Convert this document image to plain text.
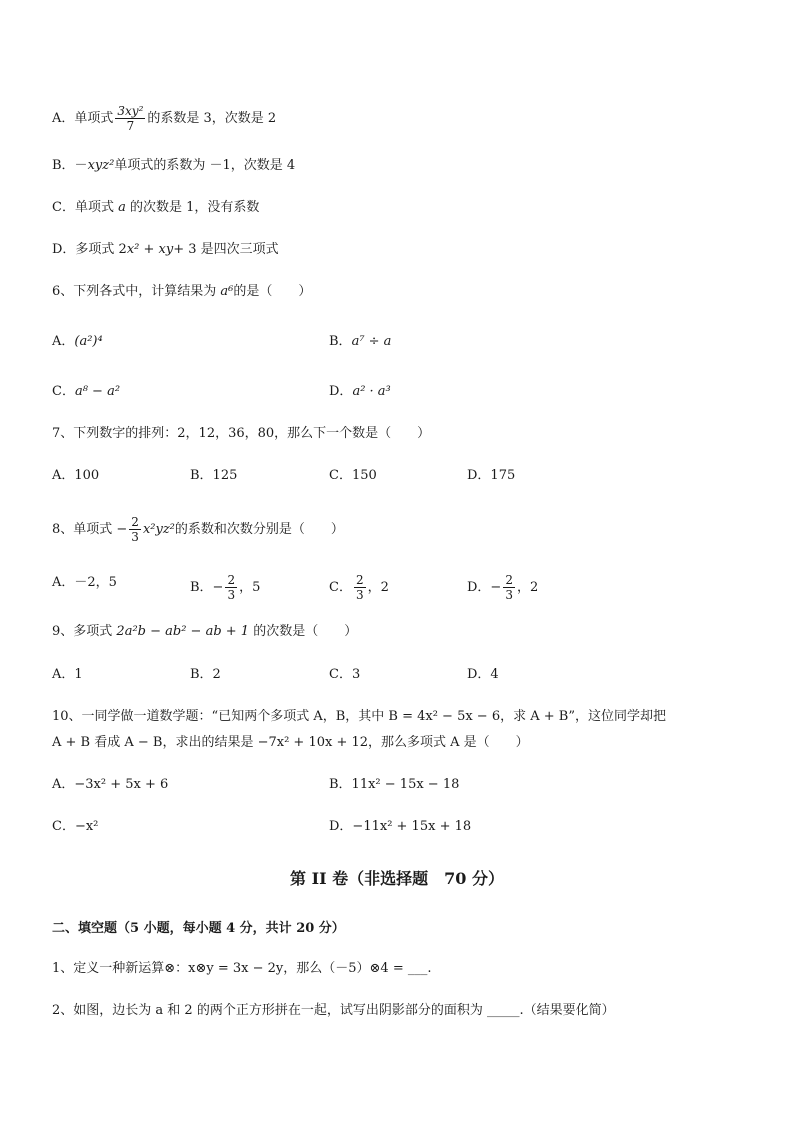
A．单项式 $\frac{\text{3xy²}}{7}$ 的系数是 3，次数是 2
B．－xyz²单项式的系数为 －1，次数是 4
C．单项式 a 的次数是 1，没有系数
D．多项式 2x² + xy+ 3 是四次三项式
6、下列各式中，计算结果为 a⁶的是（　　）
A．(a²)⁴	B．a⁷ ÷ a
C．a⁸ − a²	D．a² · a³
7、下列数字的排列：2，12，36，80，那么下一个数是（　　）
A．100	B．125	C．150	D．175
8、单项式 − $\frac{2}{3} x^2yz^2$的系数和次数分别是（　　）
A．－2，5	B．− $\frac{2}{3}$ ，5	C． $\frac{2}{3}$ ，2	D．− $\frac{2}{3}$ ，2
9、多项式 2a²b − ab² − ab + 1 的次数是（　　）
A．1	B．2	C．3	D．4
10、一同学做一道数学题：“已知两个多项式 A，B，其中 B = 4x² − 5x − 6，求 A + B”，这位同学却把
A + B 看成 A − B，求出的结果是 −7x² + 10x + 12，那么多项式 A 是（　　）
A．−3x² + 5x + 6	B．11x² − 15x − 18
C．−x²	D．−11x² + 15x + 18
第 II 卷（非选择题　70 分）
二、填空题（5 小题，每小题 4 分，共计 20 分）
1、定义一种新运算⊗：x⊗y = 3x − 2y，那么（－5）⊗4 = ___.
2、如图，边长为 a 和 2 的两个正方形拼在一起，试写出阴影部分的面积为 _____.（结果要化简）
